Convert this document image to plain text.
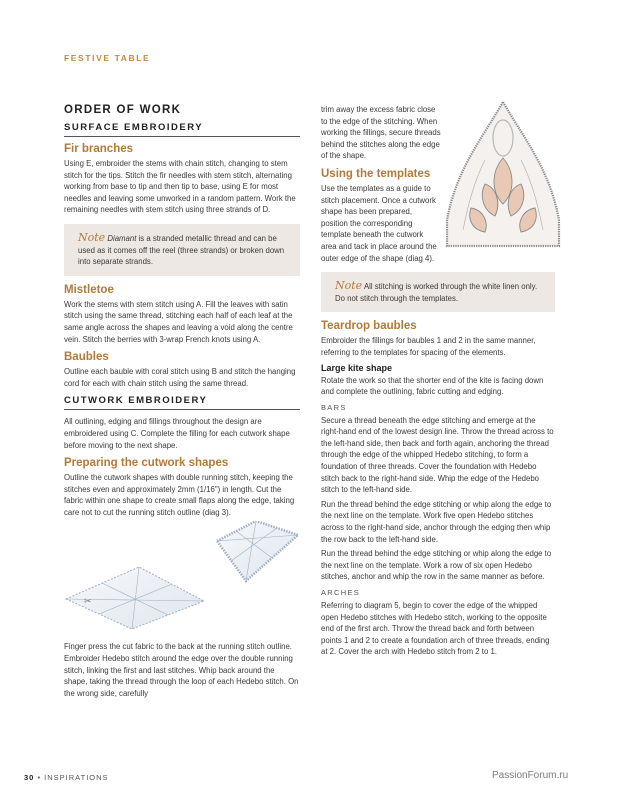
FESTIVE TABLE
ORDER OF WORK
SURFACE EMBROIDERY
Fir branches

Using E, embroider the stems with chain stitch, changing to stem stitch for the tips. Stitch the fir needles with stem stitch, alternating working from base to tip and then tip to base, using E for most needles and leaving some unworked in a random pattern. Work the remaining needles with stem stitch using three strands of D.

Note Diamant is a stranded metallic thread and can be used as it comes off the reel (three strands) or broken down into separate strands.

Mistletoe

Work the stems with stem stitch using A. Fill the leaves with satin stitch using the same thread, stitching each half of each leaf at the same angle across the shapes and leaving a void along the centre vein. Stitch the berries with 3-wrap French knots using A.

Baubles

Outline each bauble with coral stitch using B and stitch the hanging cord for each with chain stitch using the same thread.

CUTWORK EMBROIDERY

All outlining, edging and fillings throughout the design are embroidered using C. Complete the filling for each cutwork shape before moving to the next shape.

Preparing the cutwork shapes

Outline the cutwork shapes with double running stitch, keeping the stitches even and approximately 2mm (1/16") in length. Cut the fabric within one shape to create small flaps along the edge, taking care not to cut the running stitch outline (diag 3).

✂

Finger press the cut fabric to the back at the running stitch outline. Embroider Hedebo stitch around the edge over the double running stitch, linking the first and last stitches. Whip back around the shape, taking the thread through the loop of each Hedebo stitch. On the wrong side, carefully

trim away the excess fabric close to the edge of the stitching. When working the fillings, secure threads behind the stitches along the edge of the shape.

Using the templates

Use the templates as a guide to stitch placement. Once a cutwork shape has been prepared, position the corresponding template beneath the cutwork area and tack in place around the outer edge of the shape (diag 4).

Note All stitching is worked through the white linen only. Do not stitch through the templates.

Teardrop baubles

Embroider the fillings for baubles 1 and 2 in the same manner, referring to the templates for spacing of the elements.

Large kite shape

Rotate the work so that the shorter end of the kite is facing down and complete the outlining, fabric cutting and edging.

BARS

Secure a thread beneath the edge stitching and emerge at the right-hand end of the lowest design line. Throw the thread across to the left-hand side, then back and forth again, anchoring the thread through the edge of the whipped Hedebo stitching, to form a foundation of three threads. Cover the foundation with Hedebo stitch back to the right-hand side. Whip the edge of the Hedebo stitch to the left-hand side.

Run the thread behind the edge stitching or whip along the edge to the next line on the template. Work five open Hedebo stitches across to the right-hand side, anchor through the edging then whip the row back to the left-hand side.

Run the thread behind the edge stitching or whip along the edge to the next line on the template. Work a row of six open Hedebo stitches, anchor and whip the row in the same manner as before.

ARCHES

Referring to diagram 5, begin to cover the edge of the whipped open Hedebo stitches with Hedebo stitch, working to the opposite end of the first arch. Throw the thread back and forth between points 1 and 2 to create a foundation arch of three threads, ending at 2. Cover the arch with Hedebo stitch from 2 to 1.

30 • INSPIRATIONS	PassionForum.ru
